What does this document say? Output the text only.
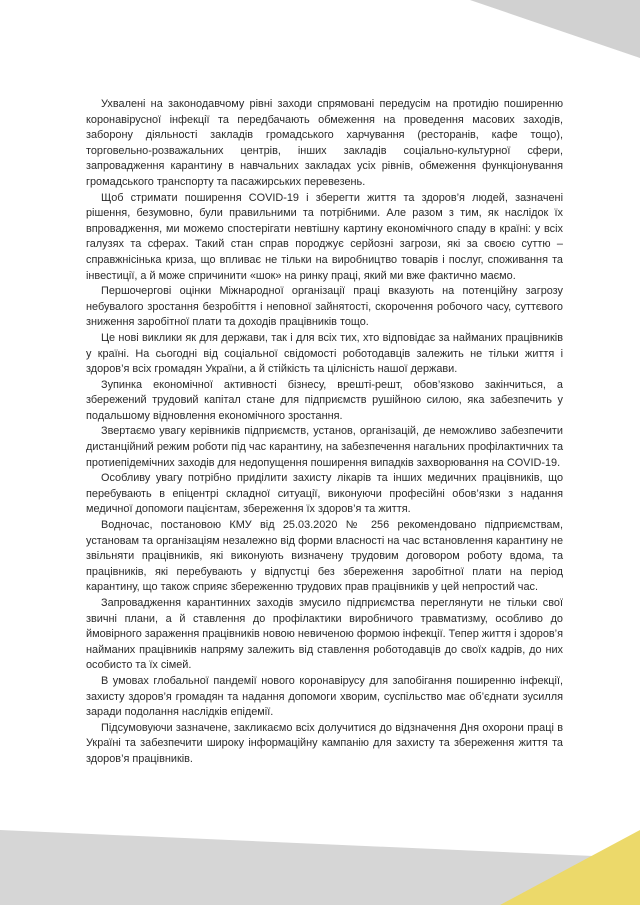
Ухвалені на законодавчому рівні заходи спрямовані передусім на протидію поширенню коронавірусної інфекції та передбачають обмеження на проведення масових заходів, заборону діяльності закладів громадського харчування (ресторанів, кафе тощо), торговельно-розважальних центрів, інших закладів соціально-культурної сфери, запровадження карантину в навчальних закладах усіх рівнів, обмеження функціонування громадського транспорту та пасажирських перевезень.

Щоб стримати поширення COVID-19 і зберегти життя та здоров’я людей, зазначені рішення, безумовно, були правильними та потрібними. Але разом з тим, як наслідок їх впровадження, ми можемо спостерігати невтішну картину економічного спаду в країні: у всіх галузях та сферах. Такий стан справ породжує серйозні загрози, які за своєю суттю – справжнісінька криза, що впливає не тільки на виробництво товарів і послуг, споживання та інвестиції, а й може спричинити «шок» на ринку праці, який ми вже фактично маємо.

Першочергові оцінки Міжнародної організації праці вказують на потенційну загрозу небувалого зростання безробіття і неповної зайнятості, скорочення робочого часу, суттєвого зниження заробітної плати та доходів працівників тощо.

Це нові виклики як для держави, так і для всіх тих, хто відповідає за найманих працівників у країні. На сьогодні від соціальної свідомості роботодавців залежить не тільки життя і здоров’я всіх громадян України, а й стійкість та цілісність нашої держави.

Зупинка економічної активності бізнесу, врешті-решт, обов’язково закінчиться, а збережений трудовий капітал стане для підприємств рушійною силою, яка забезпечить у подальшому відновлення економічного зростання.

Звертаємо увагу керівників підприємств, установ, організацій, де неможливо забезпечити дистанційний режим роботи під час карантину, на забезпечення нагальних профілактичних та протиепідемічних заходів для недопущення поширення випадків захворювання на COVID-19.

Особливу увагу потрібно приділити захисту лікарів та інших медичних працівників, що перебувають в епіцентрі складної ситуації, виконуючи професійні обов’язки з надання медичної допомоги пацієнтам, збереження їх здоров’я та життя.

Водночас, постановою КМУ від 25.03.2020 № 256 рекомендовано підприємствам, установам та організаціям незалежно від форми власності на час встановлення карантину не звільняти працівників, які виконують визначену трудовим договором роботу вдома, та працівників, які перебувають у відпустці без збереження заробітної плати на період карантину, що також сприяє збереженню трудових прав працівників у цей непростий час.

Запровадження карантинних заходів змусило підприємства переглянути не тільки свої звичні плани, а й ставлення до профілактики виробничого травматизму, особливо до ймовірного зараження працівників новою невиченою формою інфекції. Тепер життя і здоров’я найманих працівників напряму залежить від ставлення роботодавців до своїх кадрів, до них особисто та їх сімей.

В умовах глобальної пандемії нового коронавірусу для запобігання поширенню інфекції, захисту здоров’я громадян та надання допомоги хворим, суспільство має об’єднати зусилля заради подолання наслідків епідемії.

Підсумовуючи зазначене, закликаємо всіх долучитися до відзначення Дня охорони праці в Україні та забезпечити широку інформаційну кампанію для захисту та збереження життя та здоров’я працівників.
